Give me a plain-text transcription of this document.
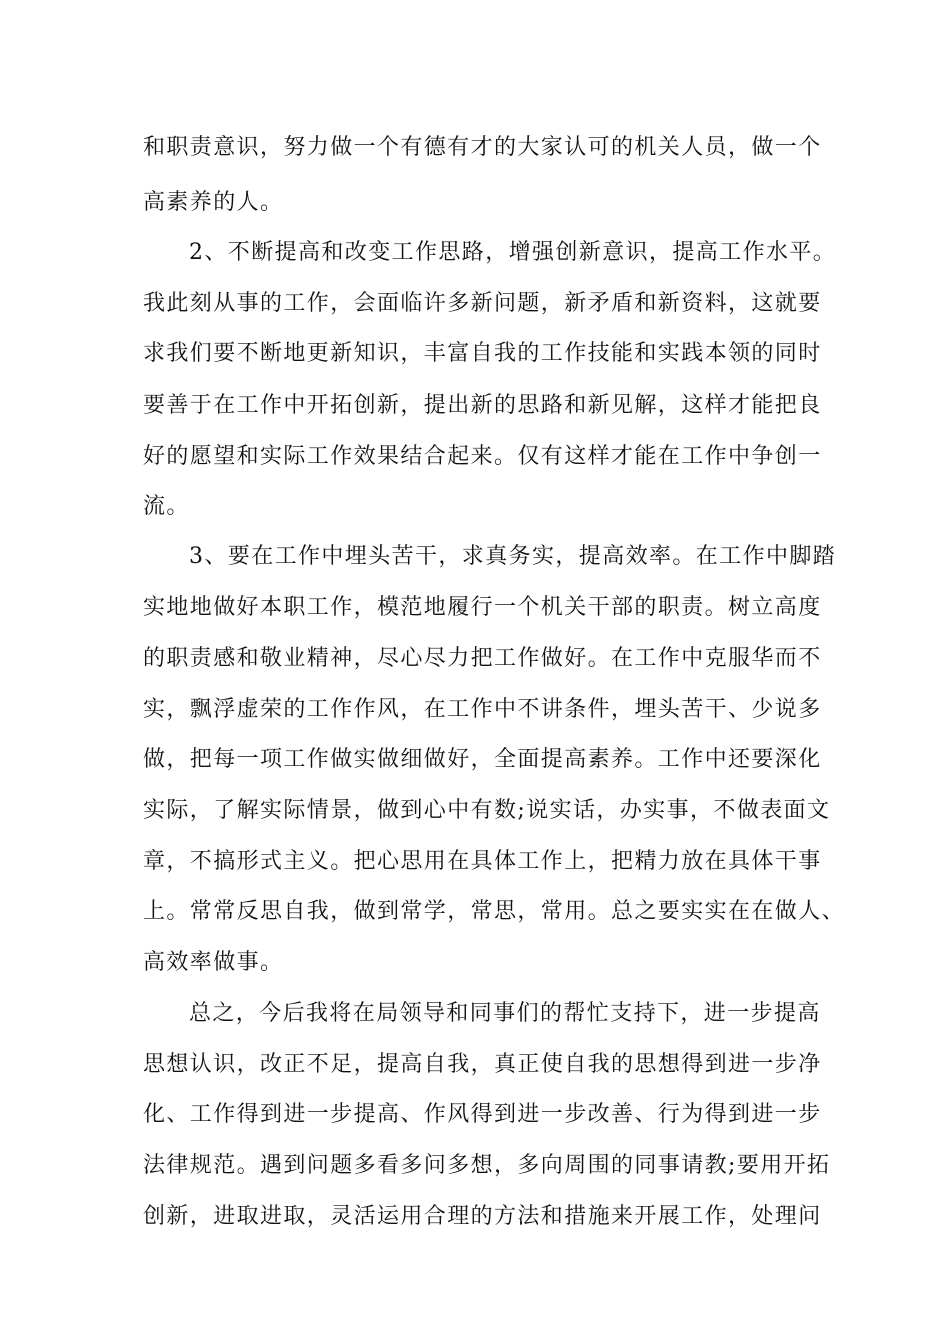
和职责意识，努力做一个有德有才的大家认可的机关人员，做一个
高素养的人。
2、不断提高和改变工作思路，增强创新意识，提高工作水平。
我此刻从事的工作，会面临许多新问题，新矛盾和新资料，这就要
求我们要不断地更新知识，丰富自我的工作技能和实践本领的同时
要善于在工作中开拓创新，提出新的思路和新见解，这样才能把良
好的愿望和实际工作效果结合起来。仅有这样才能在工作中争创一
流。
3、要在工作中埋头苦干，求真务实，提高效率。在工作中脚踏
实地地做好本职工作，模范地履行一个机关干部的职责。树立高度
的职责感和敬业精神，尽心尽力把工作做好。在工作中克服华而不
实，飘浮虚荣的工作作风，在工作中不讲条件，埋头苦干、少说多
做，把每一项工作做实做细做好，全面提高素养。工作中还要深化
实际，了解实际情景，做到心中有数;说实话，办实事，不做表面文
章，不搞形式主义。把心思用在具体工作上，把精力放在具体干事
上。常常反思自我，做到常学，常思，常用。总之要实实在在做人、
高效率做事。
总之，今后我将在局领导和同事们的帮忙支持下，进一步提高
思想认识，改正不足，提高自我，真正使自我的思想得到进一步净
化、工作得到进一步提高、作风得到进一步改善、行为得到进一步
法律规范。遇到问题多看多问多想，多向周围的同事请教;要用开拓
创新，进取进取，灵活运用合理的方法和措施来开展工作，处理问
